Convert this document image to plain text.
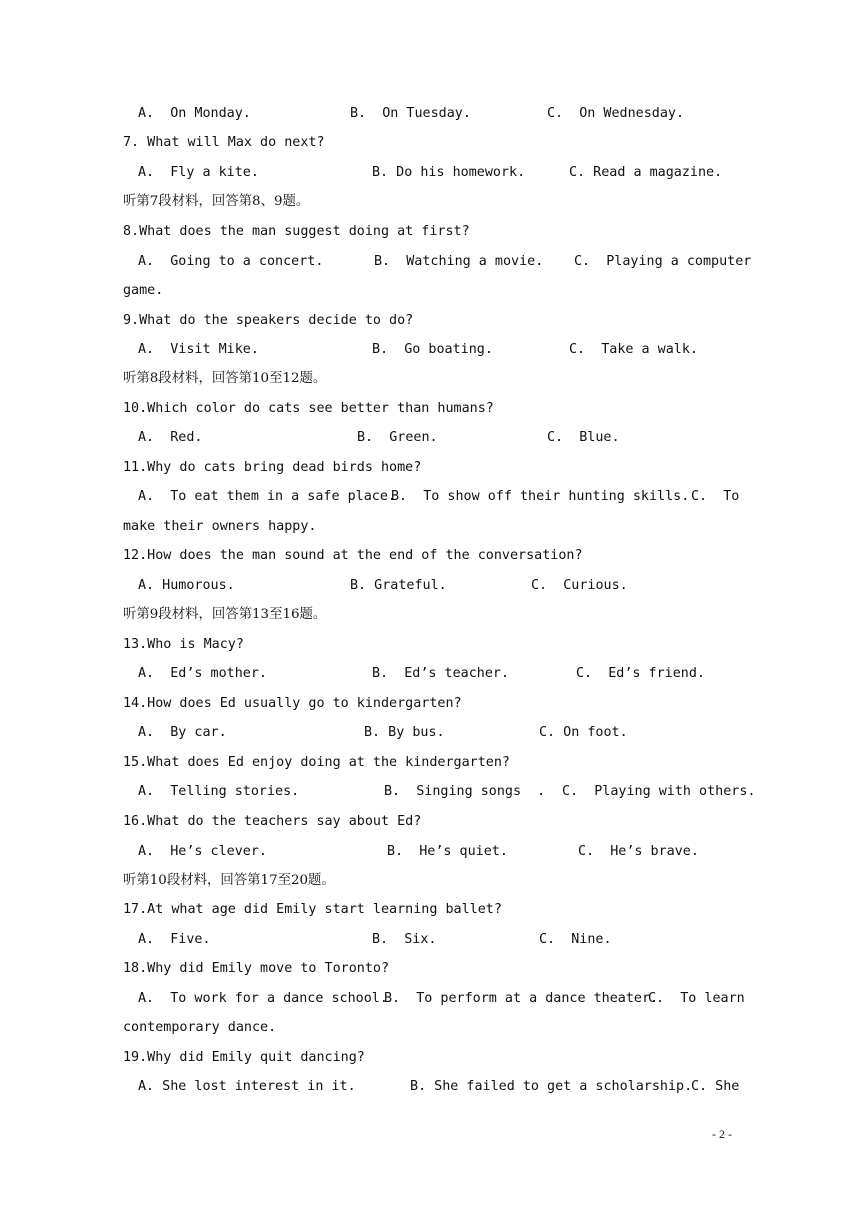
A.  On Monday.	B.  On Tuesday.	C.  On Wednesday.
7. What will Max do next?
A.  Fly a kite.	B. Do his homework.	C. Read a magazine.
听第7段材料，回答第8、9题。
8.What does the man suggest doing at first?
A.  Going to a concert.	B.  Watching a movie. C.  Playing a computer
game.
9.What do the speakers decide to do?
A.  Visit Mike.	B.  Go boating.	C.  Take a walk.
听第8段材料，回答第10至12题。
10.Which color do cats see better than humans?
A.  Red.	B.  Green.	C.  Blue.
11.Why do cats bring dead birds home?
A.  To eat them in a safe place.
B.  To show off their hunting skills. C.  To
make their owners happy.
12.How does the man sound at the end of the conversation?
A. Humorous.	B. Grateful.	C.  Curious.
听第9段材料，回答第13至16题。
13.Who is Macy?
A.  Ed’s mother.	B.  Ed’s teacher.	C.  Ed’s friend.
14.How does Ed usually go to kindergarten?
A.  By car.	B. By bus.	C. On foot.
15.What does Ed enjoy doing at the kindergarten?
A.  Telling stories.	B.  Singing songs  . C.  Playing with others.
16.What do the teachers say about Ed?
A.  He’s clever.	B.  He’s quiet.	C.  He’s brave.
听第10段材料，回答第17至20题。
17.At what age did Emily start learning ballet?
A.  Five.	B.  Six.	C.  Nine.
18.Why did Emily move to Toronto?
A.  To work for a dance school.
B.  To perform at a dance theater.
C.  To learn
contemporary dance.
19.Why did Emily quit dancing?
A. She lost interest in it.	B. She failed to get a scholarship.
C. She
- 2 -
